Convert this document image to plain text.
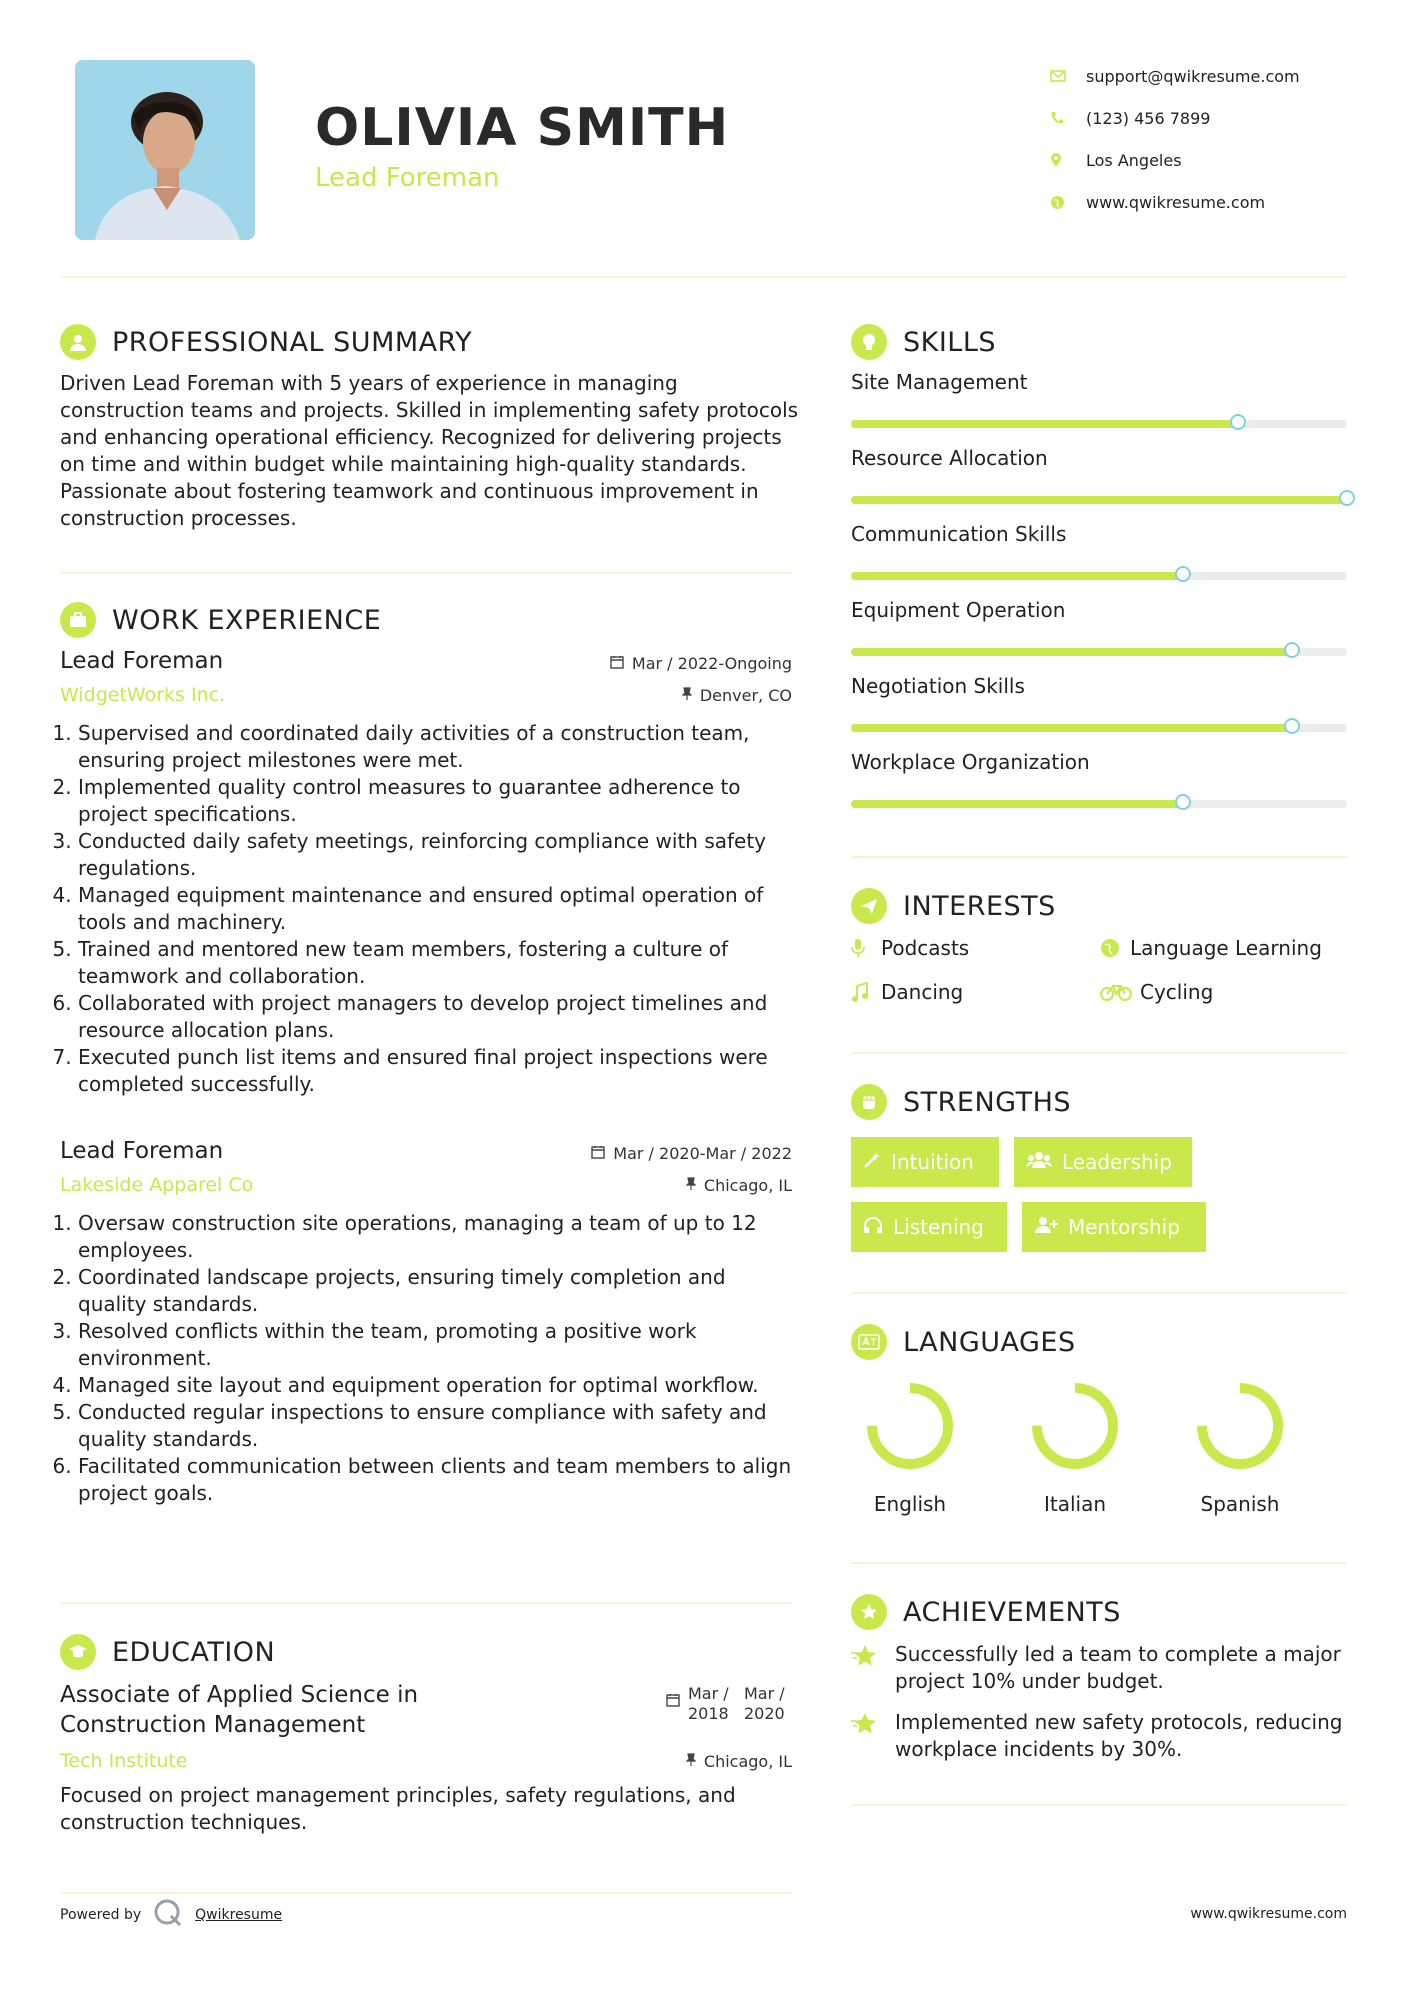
OLIVIA SMITH
Lead Foreman
support@qwikresume.com
(123) 456 7899
Los Angeles
www.qwikresume.com
PROFESSIONAL SUMMARY

Driven Lead Foreman with 5 years of experience in managing construction teams and projects. Skilled in implementing safety protocols and enhancing operational efficiency. Recognized for delivering projects on time and within budget while maintaining high-quality standards. Passionate about fostering teamwork and continuous improvement in construction processes.

WORK EXPERIENCE
Lead Foreman	Mar / 2022-Ongoing
WidgetWorks Inc.	Denver, CO
1. Supervised and coordinated daily activities of a construction team, ensuring project milestones were met.
2. Implemented quality control measures to guarantee adherence to project specifications.
3. Conducted daily safety meetings, reinforcing compliance with safety regulations.
4. Managed equipment maintenance and ensured optimal operation of tools and machinery.
5. Trained and mentored new team members, fostering a culture of teamwork and collaboration.
6. Collaborated with project managers to develop project timelines and resource allocation plans.
7. Executed punch list items and ensured final project inspections were completed successfully.
Lead Foreman	Mar / 2020-Mar / 2022
Lakeside Apparel Co	Chicago, IL
1. Oversaw construction site operations, managing a team of up to 12 employees.
2. Coordinated landscape projects, ensuring timely completion and quality standards.
3. Resolved conflicts within the team, promoting a positive work environment.
4. Managed site layout and equipment operation for optimal workflow.
5. Conducted regular inspections to ensure compliance with safety and quality standards.
6. Facilitated communication between clients and team members to align project goals.
EDUCATION
Associate of Applied Science in Construction Management
Mar / 2018
Mar / 2020
Tech Institute	Chicago, IL

Focused on project management principles, safety regulations, and construction techniques.

SKILLS
Site Management
Resource Allocation
Communication Skills
Equipment Operation
Negotiation Skills
Workplace Organization
INTERESTS
Podcasts	Language Learning
Dancing	Cycling
STRENGTHS
Intuition	Leadership
Listening	Mentorship
LANGUAGES
English	Italian	Spanish
ACHIEVEMENTS
Successfully led a team to complete a major project 10% under budget.
Implemented new safety protocols, reducing workplace incidents by 30%.
Powered by	Qwikresume	www.qwikresume.com
